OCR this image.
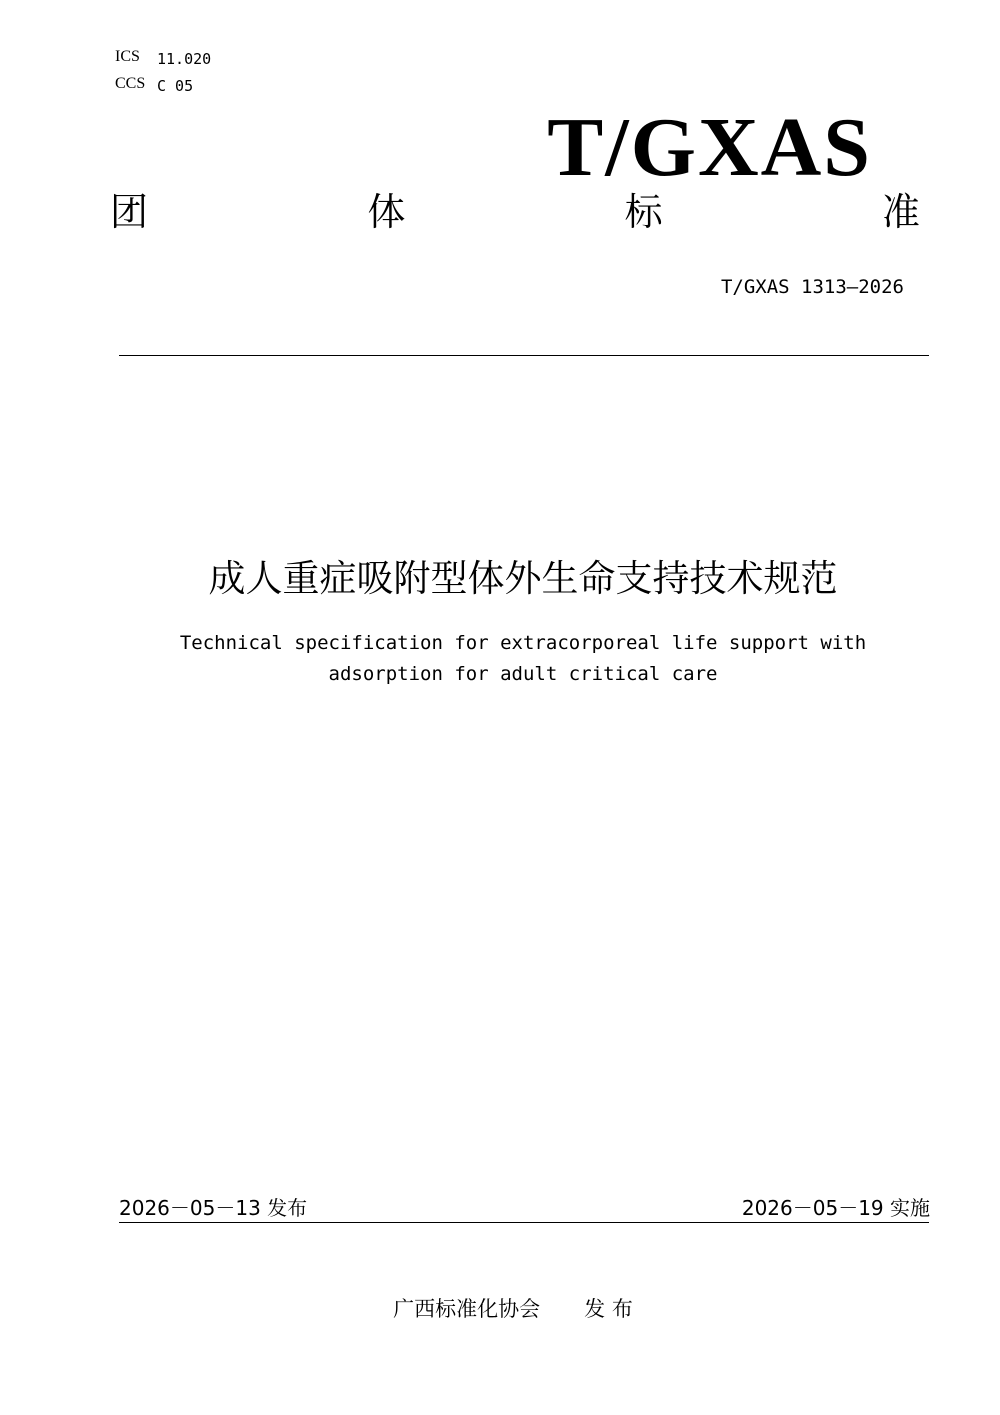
ICS 11.020
CCS C 05
T/GXAS
团	体	标	准
T/GXAS 1313—2026
成人重症吸附型体外生命支持技术规范
Technical specification for extracorporeal life support with
adsorption for adult critical care
2026－05－13 发布	2026－05－19 实施
广西标准化协会 发 布
